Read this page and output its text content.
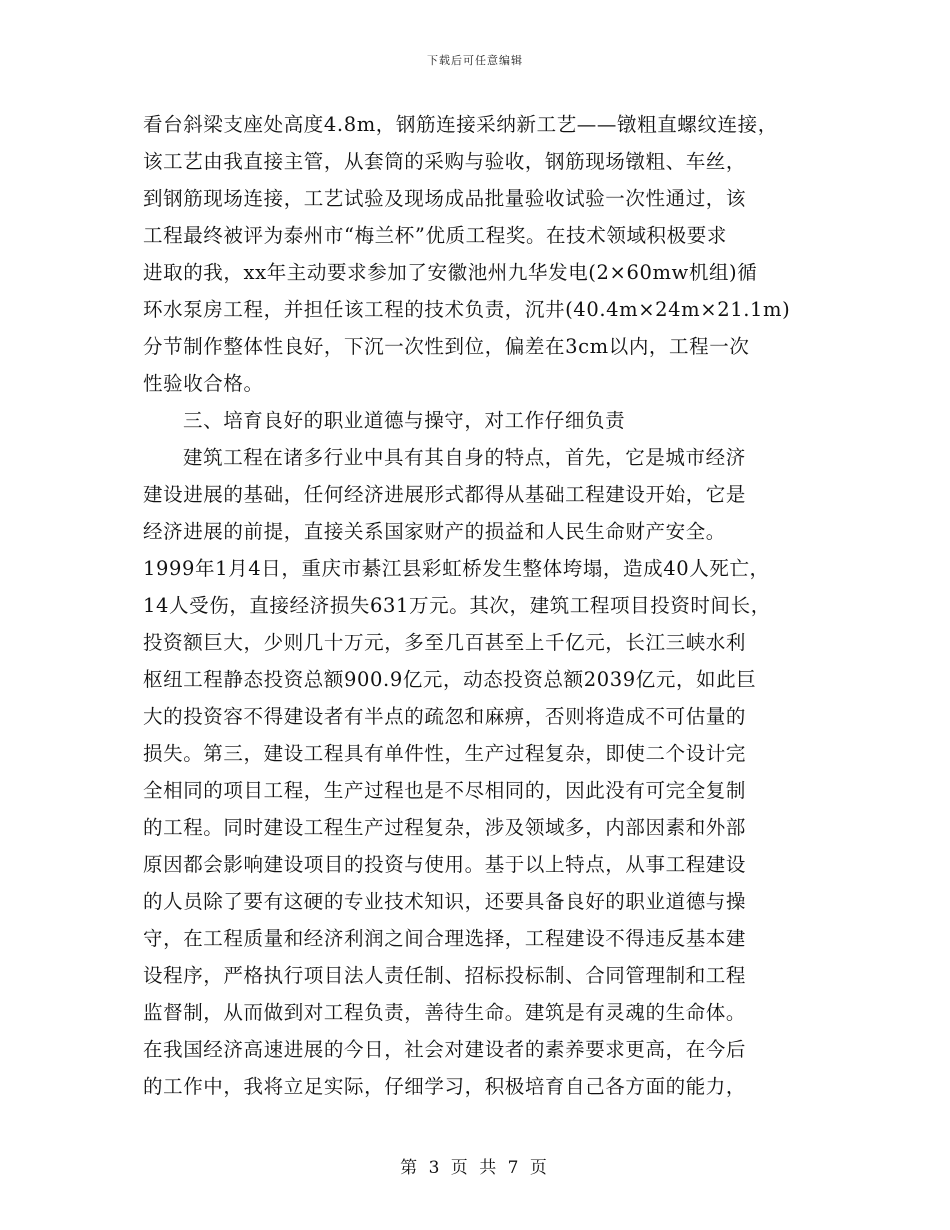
下载后可任意编辑
看台斜梁支座处高度4.8m，钢筋连接采纳新工艺——镦粗直螺纹连接，
该工艺由我直接主管，从套筒的采购与验收，钢筋现场镦粗、车丝，
到钢筋现场连接，工艺试验及现场成品批量验收试验一次性通过，该
工程最终被评为泰州市“梅兰杯”优质工程奖。在技术领域积极要求
进取的我，xx年主动要求参加了安徽池州九华发电(2×60mw机组)循
环水泵房工程，并担任该工程的技术负责，沉井(40.4m×24m×21.1m)
分节制作整体性良好，下沉一次性到位，偏差在3cm以内，工程一次
性验收合格。
三、培育良好的职业道德与操守，对工作仔细负责
建筑工程在诸多行业中具有其自身的特点，首先，它是城市经济
建设进展的基础，任何经济进展形式都得从基础工程建设开始，它是
经济进展的前提，直接关系国家财产的损益和人民生命财产安全。
1999年1月4日，重庆市綦江县彩虹桥发生整体垮塌，造成40人死亡，
14人受伤，直接经济损失631万元。其次，建筑工程项目投资时间长，
投资额巨大，少则几十万元，多至几百甚至上千亿元，长江三峡水利
枢纽工程静态投资总额900.9亿元，动态投资总额2039亿元，如此巨
大的投资容不得建设者有半点的疏忽和麻痹，否则将造成不可估量的
损失。第三，建设工程具有单件性，生产过程复杂，即使二个设计完
全相同的项目工程，生产过程也是不尽相同的，因此没有可完全复制
的工程。同时建设工程生产过程复杂，涉及领域多，内部因素和外部
原因都会影响建设项目的投资与使用。基于以上特点，从事工程建设
的人员除了要有这硬的专业技术知识，还要具备良好的职业道德与操
守，在工程质量和经济利润之间合理选择，工程建设不得违反基本建
设程序，严格执行项目法人责任制、招标投标制、合同管理制和工程
监督制，从而做到对工程负责，善待生命。建筑是有灵魂的生命体。
在我国经济高速进展的今日，社会对建设者的素养要求更高，在今后
的工作中，我将立足实际，仔细学习，积极培育自己各方面的能力，
第 3 页 共 7 页
